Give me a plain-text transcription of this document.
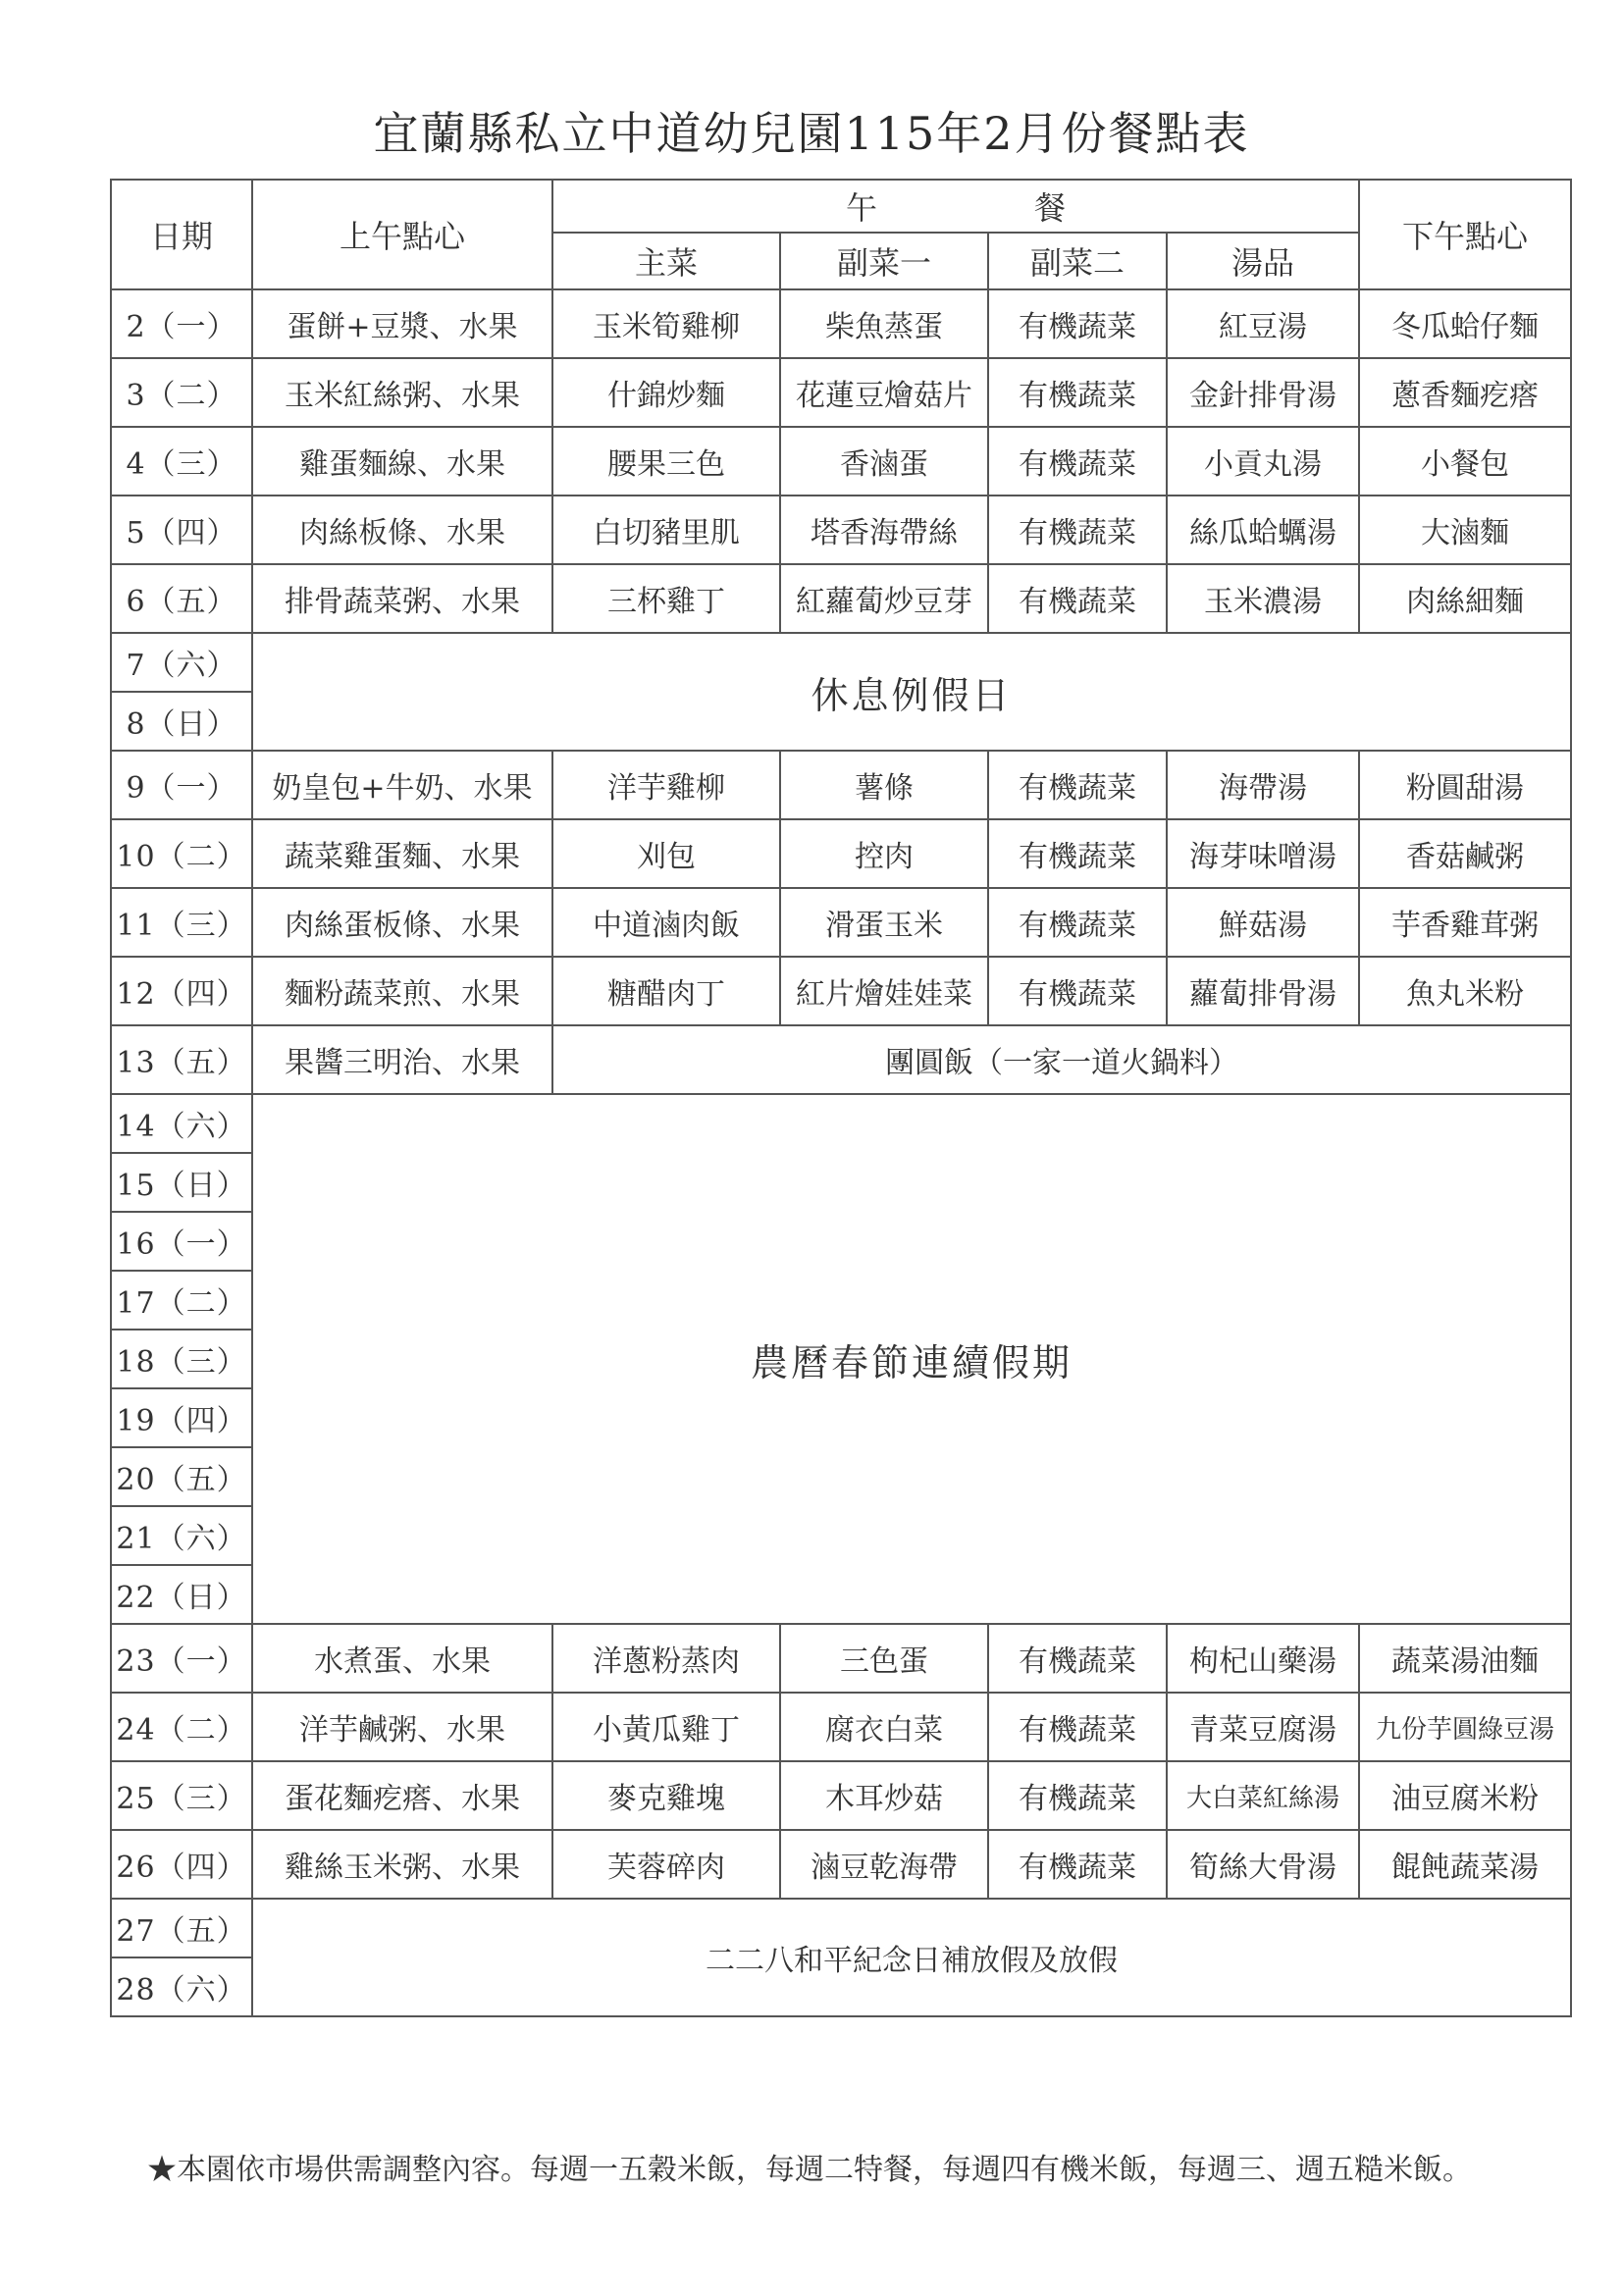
宜蘭縣私立中道幼兒園115年2月份餐點表
日期	上午點心	午　　　　　餐				下午點心
		主菜	副菜一	副菜二	湯品	
2（一）	蛋餅+豆漿、水果	玉米筍雞柳	柴魚蒸蛋	有機蔬菜	紅豆湯	冬瓜蛤仔麵
3（二）	玉米紅絲粥、水果	什錦炒麵	花蓮豆燴菇片	有機蔬菜	金針排骨湯	蔥香麵疙瘩
4（三）	雞蛋麵線、水果	腰果三色	香滷蛋	有機蔬菜	小貢丸湯	小餐包
5（四）	肉絲板條、水果	白切豬里肌	塔香海帶絲	有機蔬菜	絲瓜蛤蠣湯	大滷麵
6（五）	排骨蔬菜粥、水果	三杯雞丁	紅蘿蔔炒豆芽	有機蔬菜	玉米濃湯	肉絲細麵
7（六）	休息例假日					
8（日）						
9（一）	奶皇包+牛奶、水果	洋芋雞柳	薯條	有機蔬菜	海帶湯	粉圓甜湯
10（二）	蔬菜雞蛋麵、水果	刈包	控肉	有機蔬菜	海芽味噌湯	香菇鹹粥
11（三）	肉絲蛋板條、水果	中道滷肉飯	滑蛋玉米	有機蔬菜	鮮菇湯	芋香雞茸粥
12（四）	麵粉蔬菜煎、水果	糖醋肉丁	紅片燴娃娃菜	有機蔬菜	蘿蔔排骨湯	魚丸米粉
13（五）	果醬三明治、水果	團圓飯（一家一道火鍋料）				
14（六）	農曆春節連續假期					
15（日）						
16（一）						
17（二）						
18（三）						
19（四）						
20（五）						
21（六）						
22（日）						
23（一）	水煮蛋、水果	洋蔥粉蒸肉	三色蛋	有機蔬菜	枸杞山藥湯	蔬菜湯油麵
24（二）	洋芋鹹粥、水果	小黃瓜雞丁	腐衣白菜	有機蔬菜	青菜豆腐湯	九份芋圓綠豆湯
25（三）	蛋花麵疙瘩、水果	麥克雞塊	木耳炒菇	有機蔬菜	大白菜紅絲湯	油豆腐米粉
26（四）	雞絲玉米粥、水果	芙蓉碎肉	滷豆乾海帶	有機蔬菜	筍絲大骨湯	餛飩蔬菜湯
27（五）	二二八和平紀念日補放假及放假					
28（六）						
★本園依市場供需調整內容。每週一五穀米飯，每週二特餐，每週四有機米飯，每週三、週五糙米飯。
